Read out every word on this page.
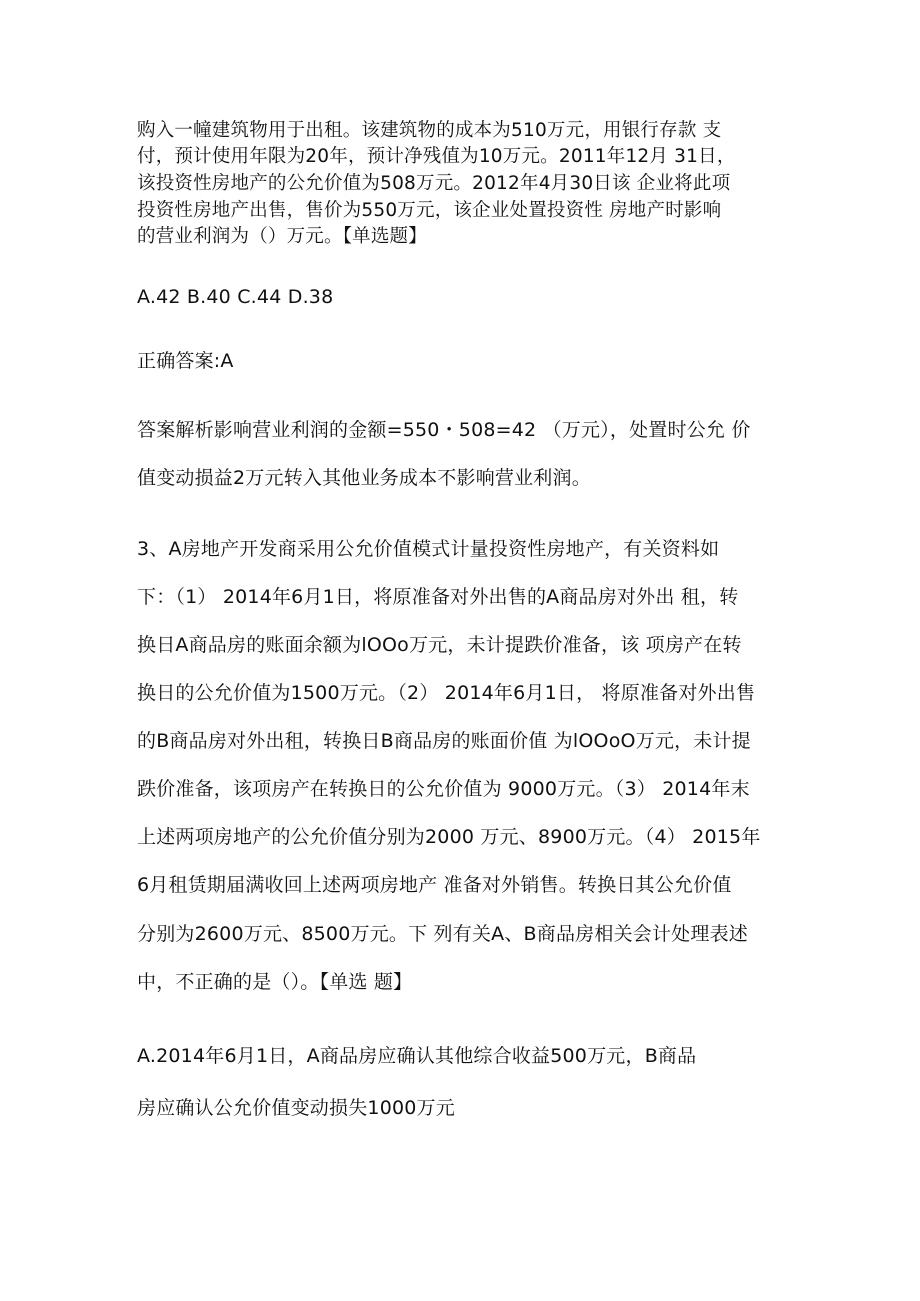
购入一幢建筑物用于出租。该建筑物的成本为510万元，用银行存款 支
付，预计使用年限为20年，预计净残值为10万元。2011年12月 31日，
该投资性房地产的公允价值为508万元。2012年4月30日该 企业将此项
投资性房地产出售，售价为550万元，该企业处置投资性 房地产时影响
的营业利润为（）万元。【单选题】
A.42 B.40 C.44 D.38
正确答案:A
答案解析影响营业利润的金额=550・508=42 （万元），处置时公允 价
值变动损益2万元转入其他业务成本不影响营业利润。
3、A房地产开发商采用公允价值模式计量投资性房地产，有关资料如
下：（1） 2014年6月1日，将原准备对外出售的A商品房对外出 租，转
换日A商品房的账面余额为lOOo万元，未计提跌价准备，该 项房产在转
换日的公允价值为1500万元。（2） 2014年6月1日， 将原准备对外出售
的B商品房对外出租，转换日B商品房的账面价值 为lOOoO万元，未计提
跌价准备，该项房产在转换日的公允价值为 9000万元。（3） 2014年末
上述两项房地产的公允价值分别为2000 万元、8900万元。（4） 2015年
6月租赁期届满收回上述两项房地产 准备对外销售。转换日其公允价值
分别为2600万元、8500万元。下 列有关A、B商品房相关会计处理表述
中，不正确的是（）。【单选 题】
A.2014年6月1日，A商品房应确认其他综合收益500万元，B商品
房应确认公允价值变动损失1000万元
